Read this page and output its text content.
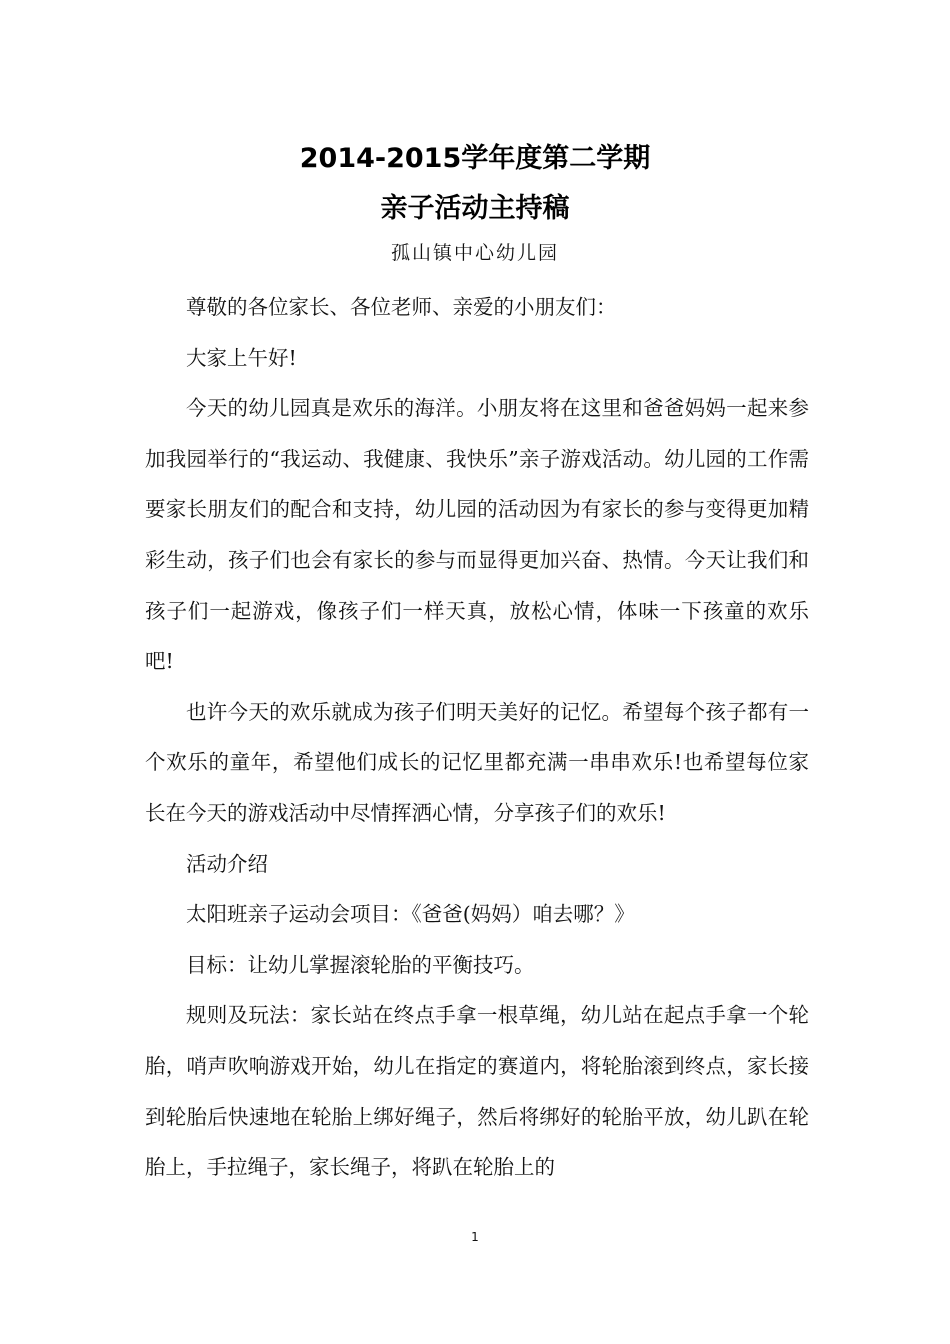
2014-2015学年度第二学期
亲子活动主持稿
孤山镇中心幼儿园

尊敬的各位家长、各位老师、亲爱的小朋友们：

大家上午好!

今天的幼儿园真是欢乐的海洋。小朋友将在这里和爸爸妈妈一起来参加我园举行的“我运动、我健康、我快乐”亲子游戏活动。幼儿园的工作需要家长朋友们的配合和支持，幼儿园的活动因为有家长的参与变得更加精彩生动，孩子们也会有家长的参与而显得更加兴奋、热情。今天让我们和孩子们一起游戏，像孩子们一样天真，放松心情，体味一下孩童的欢乐吧!

也许今天的欢乐就成为孩子们明天美好的记忆。希望每个孩子都有一个欢乐的童年，希望他们成长的记忆里都充满一串串欢乐!也希望每位家长在今天的游戏活动中尽情挥洒心情，分享孩子们的欢乐!

活动介绍

太阳班亲子运动会项目：《爸爸(妈妈）咱去哪？》

目标：让幼儿掌握滚轮胎的平衡技巧。

规则及玩法：家长站在终点手拿一根草绳，幼儿站在起点手拿一个轮胎，哨声吹响游戏开始，幼儿在指定的赛道内，将轮胎滚到终点，家长接到轮胎后快速地在轮胎上绑好绳子，然后将绑好的轮胎平放，幼儿趴在轮胎上，手拉绳子，家长绳子，将趴在轮胎上的

1
